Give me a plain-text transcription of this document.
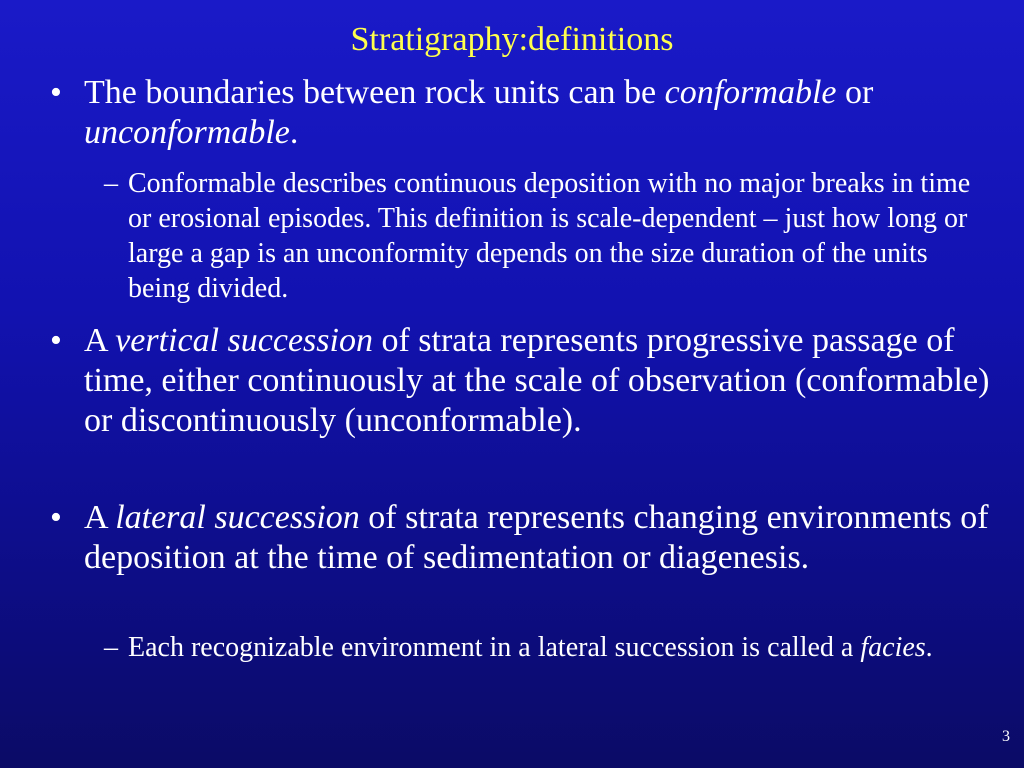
Stratigraphy:definitions
• The boundaries between rock units can be conformable or unconformable.
– Conformable describes continuous deposition with no major breaks in time or erosional episodes. This definition is scale-dependent – just how long or large a gap is an unconformity depends on the size duration of the units being divided.
• A vertical succession of strata represents progressive passage of time, either continuously at the scale of observation (conformable) or discontinuously (unconformable).
• A lateral succession of strata represents changing environments of deposition at the time of sedimentation or diagenesis.
– Each recognizable environment in a lateral succession is called a facies.
3
